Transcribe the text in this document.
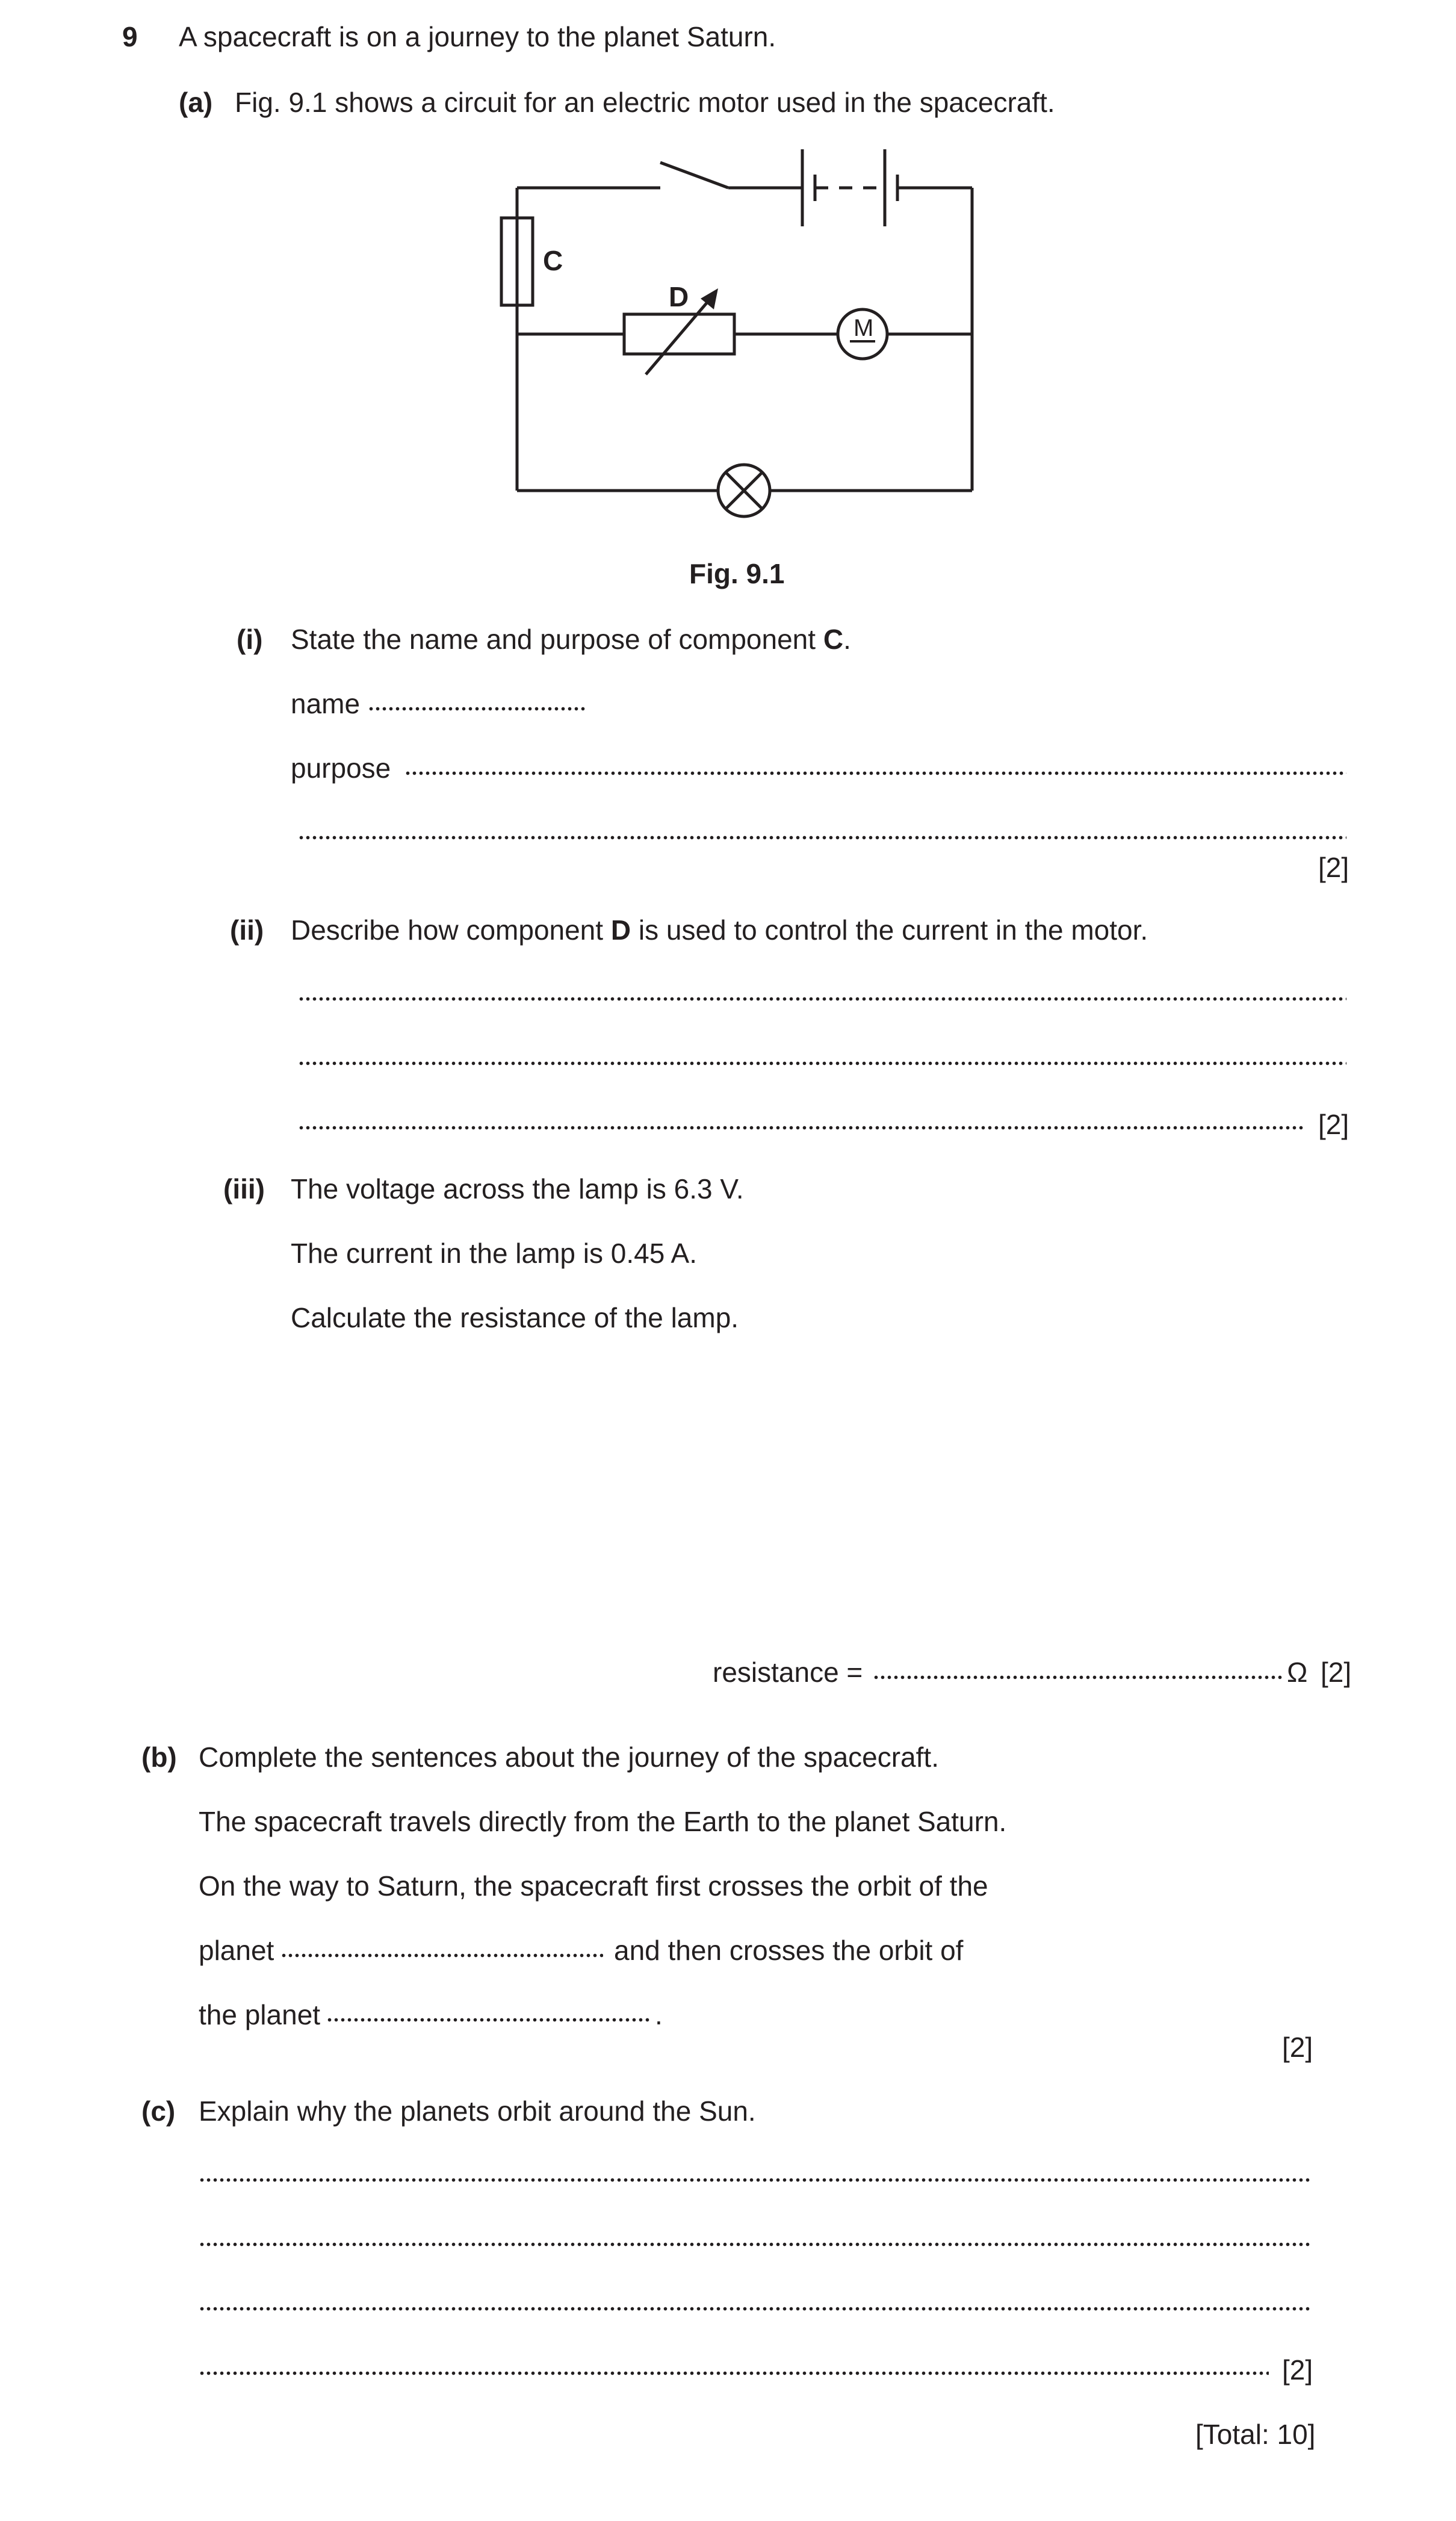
9 A spacecraft is on a journey to the planet Saturn.
(a) Fig. 9.1 shows a circuit for an electric motor used in the spacecraft.
C
D
M
Fig. 9.1
(i) State the name and purpose of component C.
name
purpose
[2]
(ii) Describe how component D is used to control the current in the motor.
[2]
(iii) The voltage across the lamp is 6.3 V.
The current in the lamp is 0.45 A.
Calculate the resistance of the lamp.
resistance =	Ω [2]
(b) Complete the sentences about the journey of the spacecraft.
The spacecraft travels directly from the Earth to the planet Saturn.
On the way to Saturn, the spacecraft first crosses the orbit of the
planet	and then crosses the orbit of
the planet	.
[2]
(c) Explain why the planets orbit around the Sun.
[2]
[Total: 10]
